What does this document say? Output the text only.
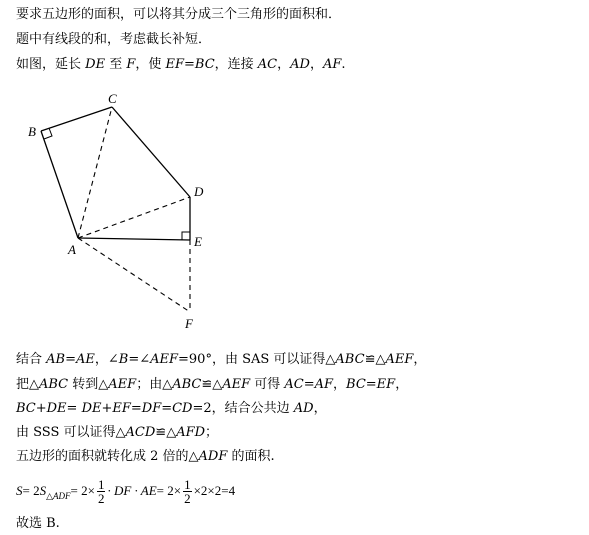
要求五边形的面积，可以将其分成三个三角形的面积和．
题中有线段的和，考虑截长补短．
如图，延长 DE 至 F，使 EF=BC，连接 AC，AD，AF.
B
C
D
E
A
F
结合 AB=AE，∠B=∠AEF=90°，由 SAS 可以证得△ABC≌△AEF，
把△ABC 转到△AEF；由△ABC≌△AEF 可得 AC=AF，BC=EF，
BC+DE= DE+EF=DF=CD=2，结合公共边 AD，
由 SSS 可以证得△ACD≌△AFD；
五边形的面积就转化成 2 倍的△ADF 的面积.
S = 2 S △ADF = $2\times \frac{1}{2}$ · DF · AE = $2\times \frac{1}{2} \times 2\times 2=4$
故选 B.
